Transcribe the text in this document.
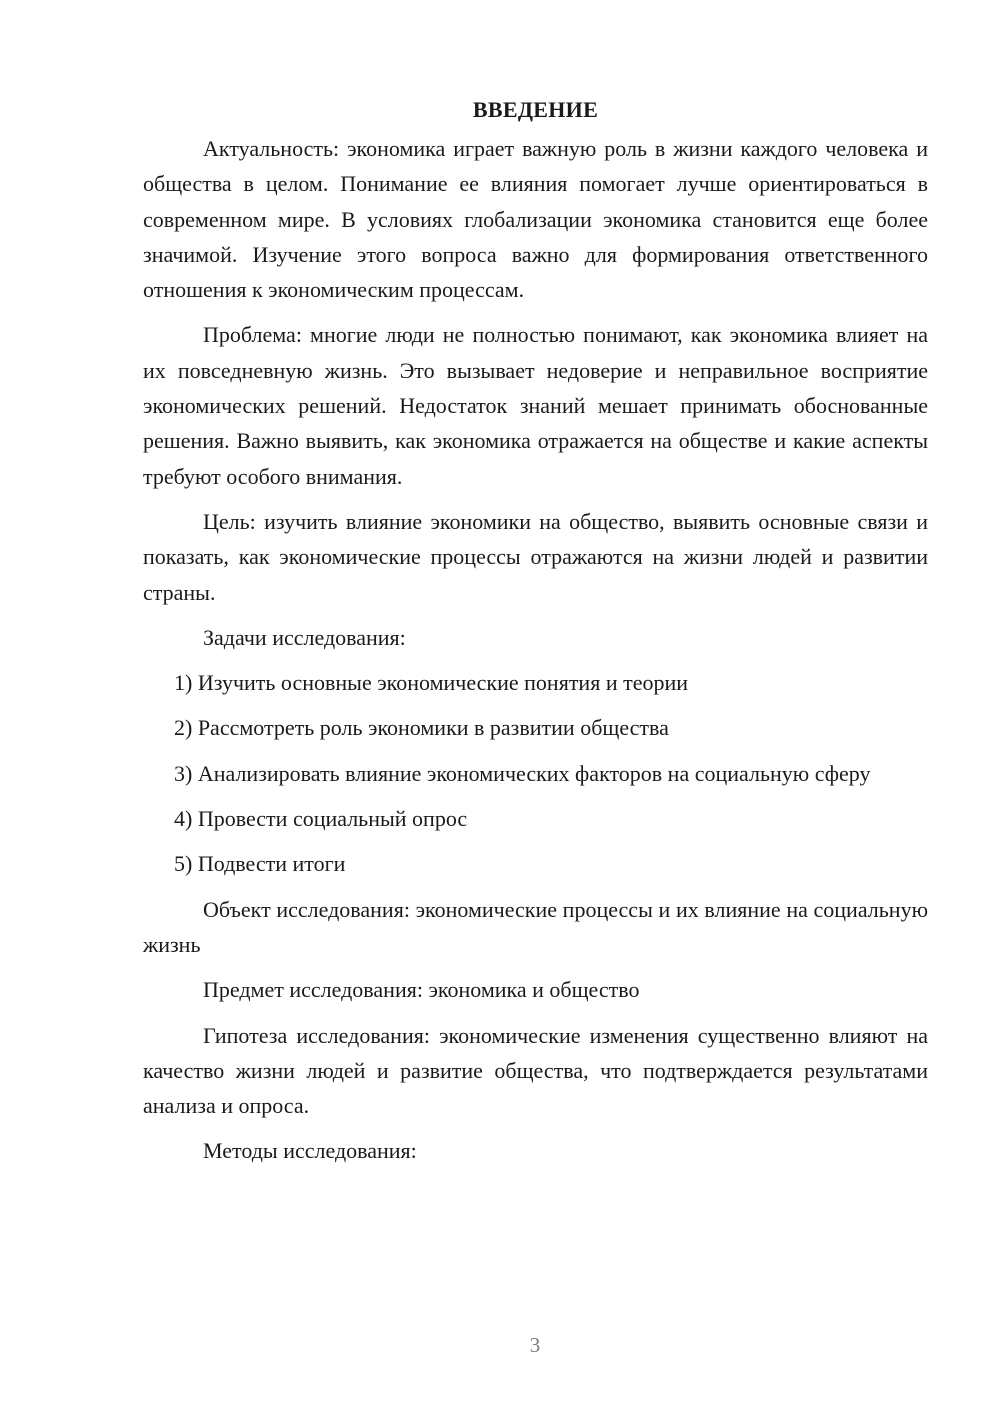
ВВЕДЕНИЕ

Актуальность: экономика играет важную роль в жизни каждого человека и общества в целом. Понимание ее влияния помогает лучше ориентироваться в современном мире. В условиях глобализации экономика становится еще более значимой. Изучение этого вопроса важно для формирования ответственного отношения к экономическим процессам.

Проблема: многие люди не полностью понимают, как экономика влияет на их повседневную жизнь. Это вызывает недоверие и неправильное восприятие экономических решений. Недостаток знаний мешает принимать обоснованные решения. Важно выявить, как экономика отражается на обществе и какие аспекты требуют особого внимания.

Цель: изучить влияние экономики на общество, выявить основные связи и показать, как экономические процессы отражаются на жизни людей и развитии страны.

Задачи исследования:

1) Изучить основные экономические понятия и теории

2) Рассмотреть роль экономики в развитии общества

3) Анализировать влияние экономических факторов на социальную сферу

4) Провести социальный опрос

5) Подвести итоги

Объект исследования: экономические процессы и их влияние на социальную жизнь

Предмет исследования: экономика и общество

Гипотеза исследования: экономические изменения существенно влияют на качество жизни людей и развитие общества, что подтверждается результатами анализа и опроса.

Методы исследования:

3
